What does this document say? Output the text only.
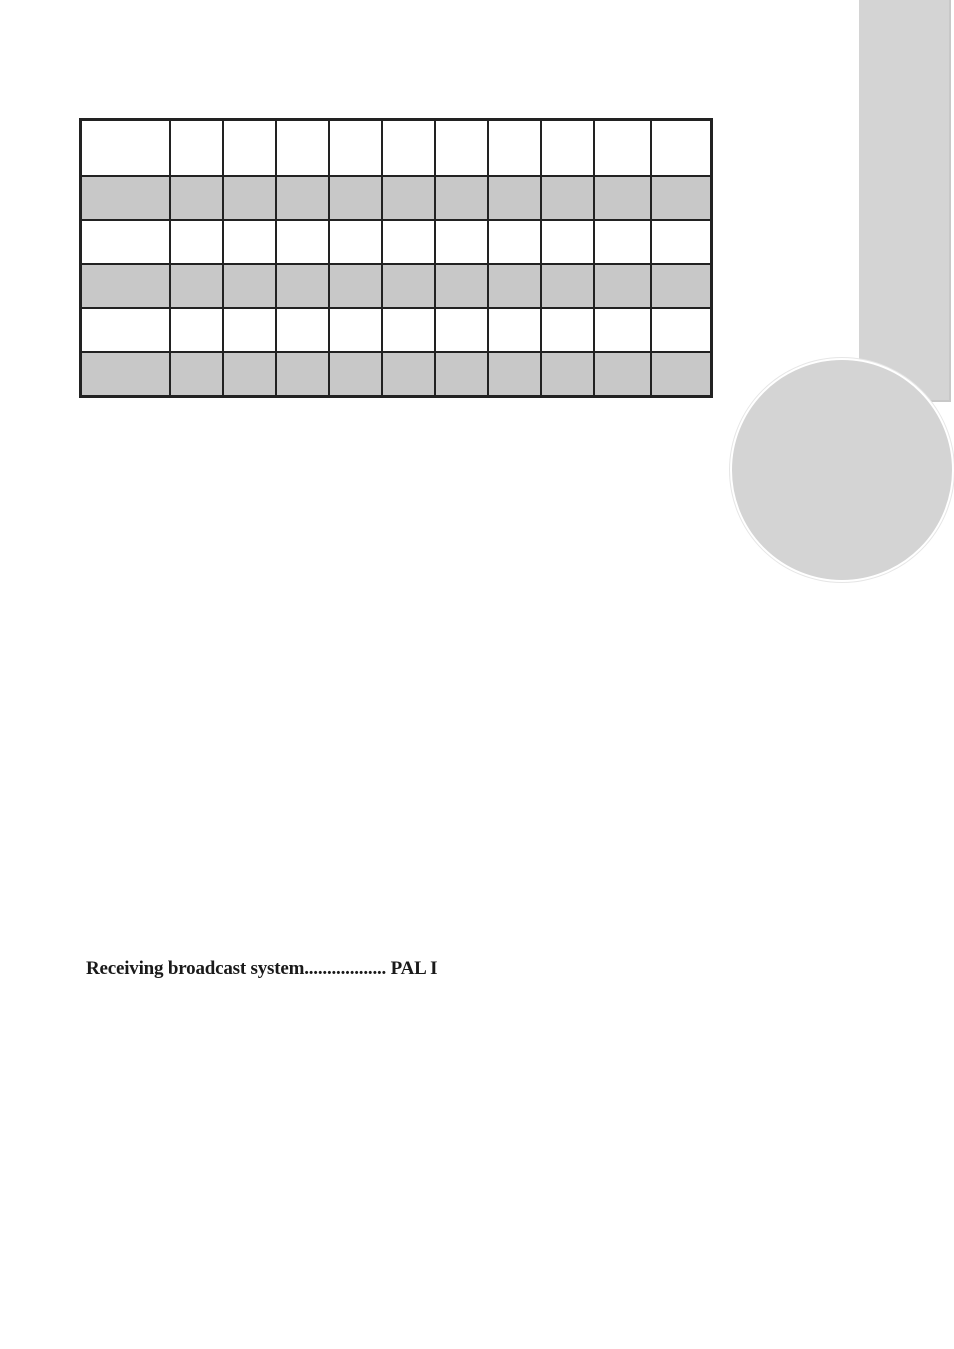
Receiving broadcast system.................. PAL I
